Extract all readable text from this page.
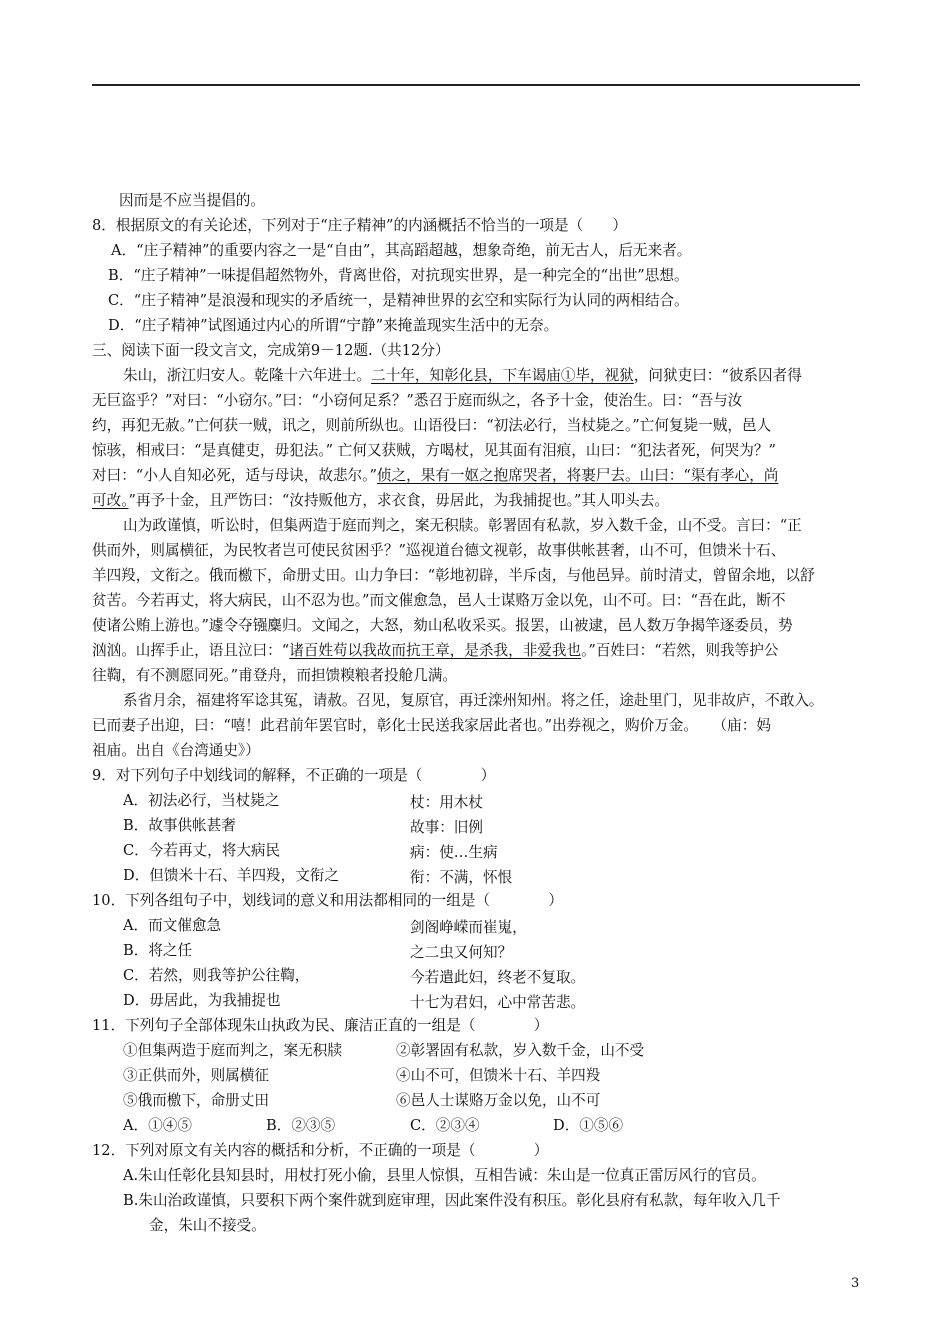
因而是不应当提倡的。
8．根据原文的有关论述，下列对于“庄子精神”的内涵概括不恰当的一项是（　　）
A．“庄子精神”的重要内容之一是“自由”，其高蹈超越，想象奇绝，前无古人，后无来者。
B．“庄子精神”一味提倡超然物外，背离世俗，对抗现实世界，是一种完全的“出世”思想。
C．“庄子精神”是浪漫和现实的矛盾统一，是精神世界的玄空和实际行为认同的两相结合。
D．“庄子精神”试图通过内心的所谓“宁静”来掩盖现实生活中的无奈。
三、阅读下面一段文言文，完成第9－12题.（共12分）
朱山，浙江归安人。乾隆十六年进士。二十年，知彰化县，下车谒庙①毕，视狱，问狱吏曰：“彼系囚者得
无巨盗乎？”对曰：“小窃尔。”曰：“小窃何足系？”悉召于庭而纵之，各予十金，使治生。曰：“吾与汝
约，再犯无赦。”亡何获一贼，讯之，则前所纵也。山语役曰：“初法必行，当杖毙之。”亡何复毙一贼，邑人
惊骇，相戒曰：“是真健吏，毋犯法。” 亡何又获贼，方喝杖，见其面有泪痕，山曰：“犯法者死，何哭为？”
对曰：“小人自知必死，适与母诀，故悲尔。”侦之，果有一妪之抱席哭者，将裹尸去。山曰：“渠有孝心，尚
可改。”再予十金，且严饬曰：“汝持贩他方，求衣食，毋居此，为我捕捉也。”其人叩头去。
山为政谨慎，听讼时，但集两造于庭而判之，案无积牍。彰署固有私款，岁入数千金，山不受。言曰：“正
供而外，则属横征，为民牧者岂可使民贫困乎？”巡视道台德文视彰，故事供帐甚奢，山不可，但馈米十石、
羊四羖，文衔之。俄而檄下，命册丈田。山力争曰：“彰地初辟，半斥卤，与他邑异。前时清丈，曾留余地，以舒
贫苦。今若再丈，将大病民，山不忍为也。”而文催愈急，邑人士谋赂万金以免，山不可。曰：“吾在此，断不
使诸公贿上游也。”遽令夺镪麋归。文闻之，大怒，劾山私收采买。报罢，山被逮，邑人数万争揭竿逐委员，势
汹汹。山挥手止，语且泣曰：“诸百姓苟以我故而抗王章，是杀我，非爱我也。”百姓曰：“若然，则我等护公
往鞫，有不测愿同死。”甫登舟，而担馈糗粮者投舱几满。
系省月余，福建将军谂其冤，请赦。召见，复原官，再迁滦州知州。将之任，途赴里门，见非故庐，不敢入。
已而妻子出迎，曰：“嘻！此君前年罢官时，彰化士民送我家居此者也。”出券视之，购价万金。　　（庙：妈
祖庙。出自《台湾通史》）
9．对下列句子中划线词的解释，不正确的一项是（　　　　）
A．初法必行，当杖毙之	杖：用木杖
B．故事供帐甚奢	故事：旧例
C．今若再丈，将大病民	病：使…生病
D．但馈米十石、羊四羖，文衔之	衔：不满，怀恨
10．下列各组句子中，划线词的意义和用法都相同的一组是（　　　　）
A．而文催愈急	剑阁峥嵘而崔嵬，
B．将之任	之二虫又何知？
C．若然，则我等护公往鞫，	今若遣此妇，终老不复取。
D．毋居此，为我捕捉也	十七为君妇，心中常苦悲。
11．下列句子全部体现朱山执政为民、廉洁正直的一组是（　　　　）
①但集两造于庭而判之，案无积牍	②彰署固有私款，岁入数千金，山不受
③正供而外，则属横征	④山不可，但馈米十石、羊四羖
⑤俄而檄下，命册丈田	⑥邑人士谋赂万金以免，山不可
A．①④⑤	B．②③⑤	C．②③④	D．①⑤⑥
12．下列对原文有关内容的概括和分析，不正确的一项是（　　　　）
A.朱山任彰化县知县时，用杖打死小偷，县里人惊惧，互相告诫：朱山是一位真正雷厉风行的官员。
B.朱山治政谨慎，只要积下两个案件就到庭审理，因此案件没有积压。彰化县府有私款，每年收入几千
金，朱山不接受。
3
